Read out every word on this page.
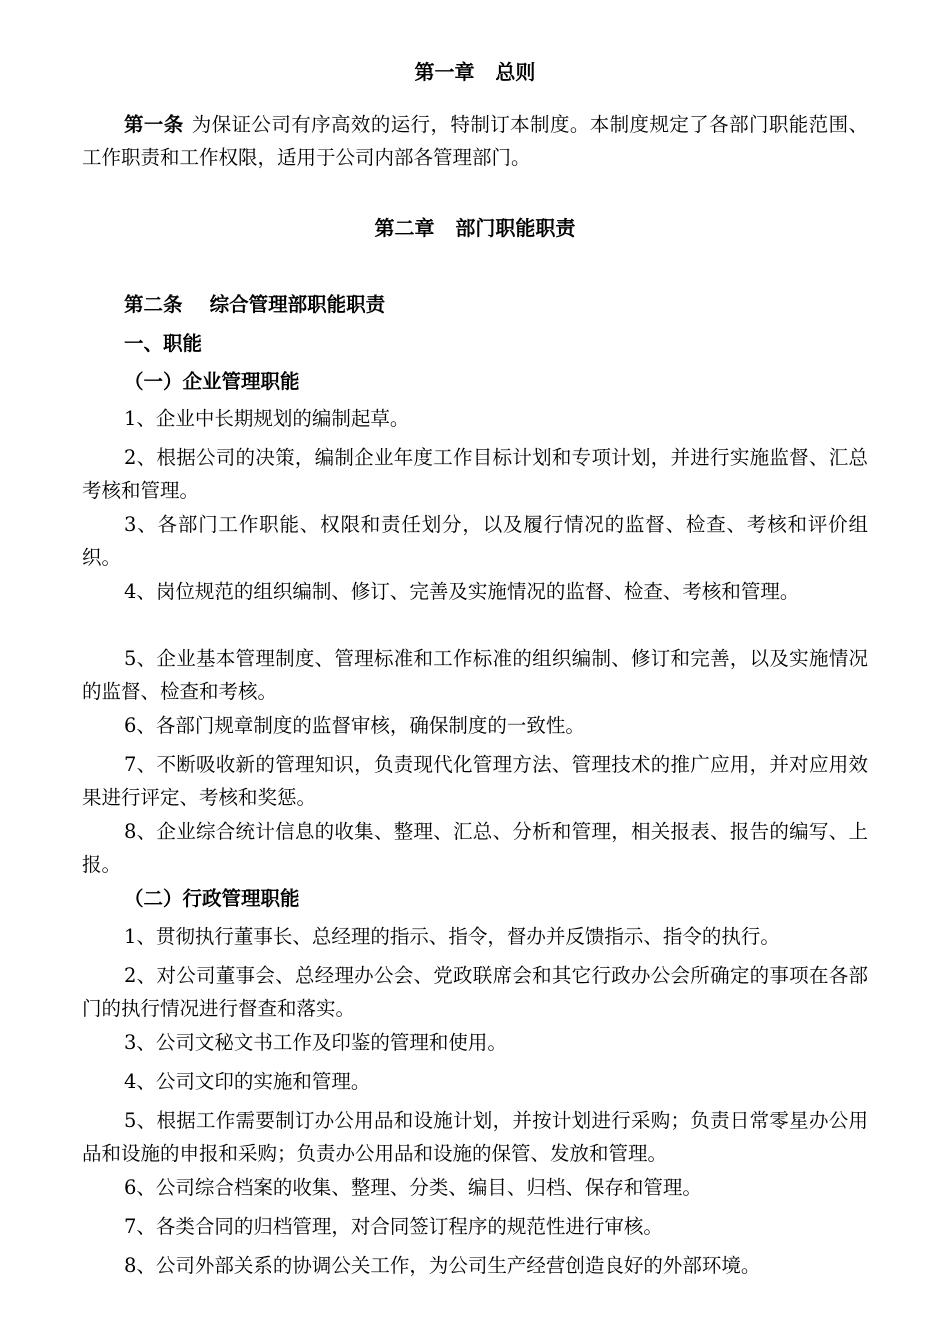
第一章   总则
第一条 为保证公司有序高效的运行，特制订本制度。本制度规定了各部门职能范围、工作职责和工作权限，适用于公司内部各管理部门。
第二章   部门职能职责
第二条    综合管理部职能职责
一、职能
（一）企业管理职能
1、企业中长期规划的编制起草。
2、根据公司的决策，编制企业年度工作目标计划和专项计划，并进行实施监督、汇总考核和管理。
3、各部门工作职能、权限和责任划分，以及履行情况的监督、检查、考核和评价组织。
4、岗位规范的组织编制、修订、完善及实施情况的监督、检查、考核和管理。
5、企业基本管理制度、管理标准和工作标准的组织编制、修订和完善，以及实施情况的监督、检查和考核。
6、各部门规章制度的监督审核，确保制度的一致性。
7、不断吸收新的管理知识，负责现代化管理方法、管理技术的推广应用，并对应用效果进行评定、考核和奖惩。
8、企业综合统计信息的收集、整理、汇总、分析和管理，相关报表、报告的编写、上报。
（二）行政管理职能
1、贯彻执行董事长、总经理的指示、指令，督办并反馈指示、指令的执行。
2、对公司董事会、总经理办公会、党政联席会和其它行政办公会所确定的事项在各部门的执行情况进行督查和落实。
3、公司文秘文书工作及印鉴的管理和使用。
4、公司文印的实施和管理。
5、根据工作需要制订办公用品和设施计划，并按计划进行采购；负责日常零星办公用品和设施的申报和采购；负责办公用品和设施的保管、发放和管理。
6、公司综合档案的收集、整理、分类、编目、归档、保存和管理。
7、各类合同的归档管理，对合同签订程序的规范性进行审核。
8、公司外部关系的协调公关工作，为公司生产经营创造良好的外部环境。
